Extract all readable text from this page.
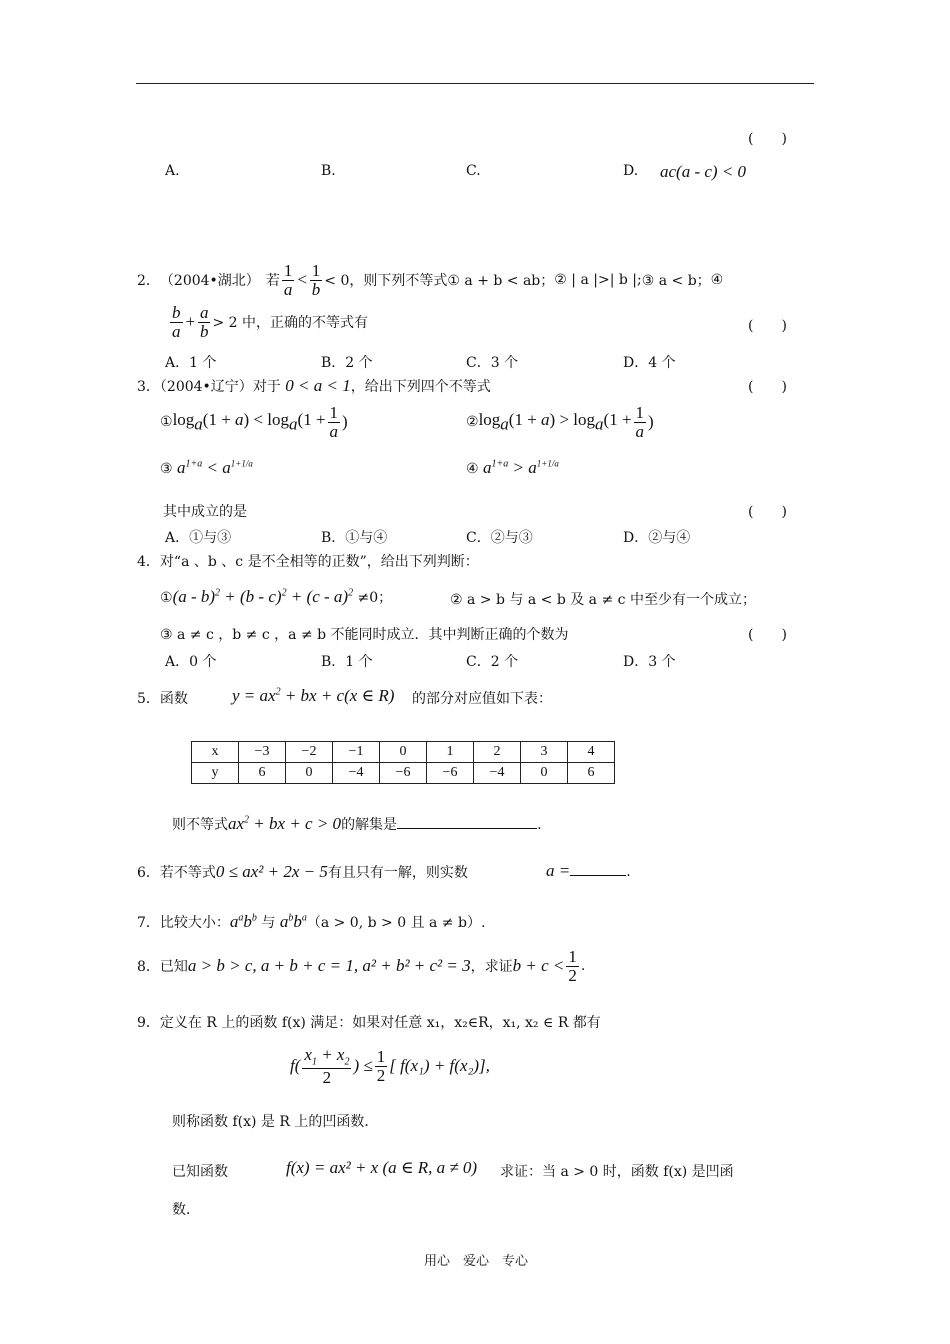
(　　)
A.	B.	C.	D. ac(a - c) < 0
2． （2004•湖北） 若 $\frac{1}{a} < \frac{1}{b} < 0$，则下列不等式 ① a + b < ab； ② | a |>| b |; ③ a < b； ④
$\frac{b}{a} + \frac{a}{b} > 2$ 中，正确的不等式有	(　　)
A．1 个	B．2 个	C．3 个	D．4 个
3．（2004•辽宁）对于 0 < a < 1，给出下列四个不等式	(　　)
① $\log_a(1 + a) < \log_a(1 + \frac{1}{a}$ )	② $\log_a(1 + a) > \log_a(1 + \frac{1}{a}$ )
③ $a^{1+a} < a^{1+1/a}$	④ $a^{1+a} > a^{1+1/a}$
其中成立的是	(　　)
A．①与③	B．①与④	C．②与③	D．②与④
4．对“a 、b 、c 是不全相等的正数”，给出下列判断：
①(a - b)$^2$ + (b - c)$^2$ + (c - a)$^2$ ≠0；	② a > b 与 a < b 及 a ≠ c 中至少有一个成立；
③ a ≠ c ，b ≠ c ，a ≠ b 不能同时成立．其中判断正确的个数为	(　　)
A．0 个	B．1 个	C．2 个	D．3 个
5．函数	$y = ax^2$ + bx + c(x ∈ R) 的部分对应值如下表：
x	−3	−2	−1	0	1	2	3	4
y	6	0	−4	−6	−6	−4	0	6
则不等式$ax^2$ + bx + c > 0的解集是	.
6．若不等式0 ≤ ax² + 2x − 5有且只有一解，则实数	a =	.
7．比较大小：$a^ab^b$ 与 $a^bb^a(a > 0$, b > 0 且 a ≠ b）.
8． 已知 a > b > c, a + b + c = 1, a² + b² + c² = 3 ，求证 $b + c < \frac{1}{2}$ .
9．定义在 R 上的函数 f(x) 满足：如果对任意 x₁，x₂∈R，x₁, x₂ ∈ R 都有
$f( \frac{x_1 + x_2}{2}$ ) ≤ $\frac{1}{2}$ [ f(x₁) + f(x₂)],
则称函数 f(x) 是 R 上的凹函数．
已知函数	f(x) = ax² + x (a ∈ R, a ≠ 0) 求证：当 a > 0 时，函数 f(x) 是凹函
数．
用心　爱心　专心
